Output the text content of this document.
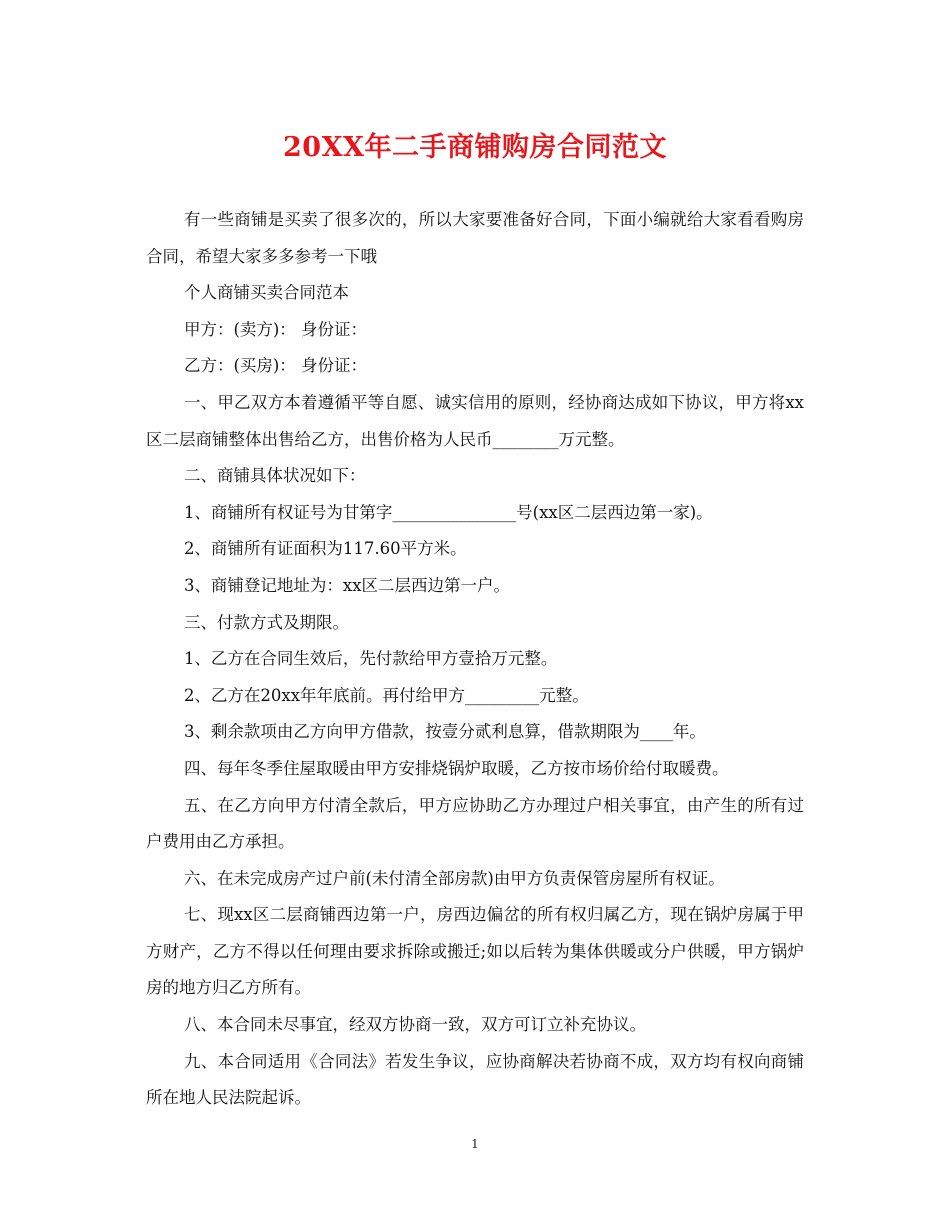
20XX年二手商铺购房合同范文

有一些商铺是买卖了很多次的，所以大家要准备好合同，下面小编就给大家看看购房合同，希望大家多多参考一下哦

个人商铺买卖合同范本

甲方：(卖方)： 身份证：

乙方：(买房)： 身份证：

一、甲乙双方本着遵循平等自愿、诚实信用的原则，经协商达成如下协议，甲方将xx区二层商铺整体出售给乙方，出售价格为人民币________万元整。

二、商铺具体状况如下：

1、商铺所有权证号为甘第字_______________号(xx区二层西边第一家)。

2、商铺所有证面积为117.60平方米。

3、商铺登记地址为：xx区二层西边第一户。

三、付款方式及期限。

1、乙方在合同生效后，先付款给甲方壹拾万元整。

2、乙方在20xx年年底前。再付给甲方_________元整。

3、剩余款项由乙方向甲方借款，按壹分贰利息算，借款期限为____年。

四、每年冬季住屋取暖由甲方安排烧锅炉取暖，乙方按市场价给付取暖费。

五、在乙方向甲方付清全款后，甲方应协助乙方办理过户相关事宜，由产生的所有过户费用由乙方承担。

六、在未完成房产过户前(未付清全部房款)由甲方负责保管房屋所有权证。

七、现xx区二层商铺西边第一户，房西边偏岔的所有权归属乙方，现在锅炉房属于甲方财产，乙方不得以任何理由要求拆除或搬迁;如以后转为集体供暖或分户供暖，甲方锅炉房的地方归乙方所有。

八、本合同未尽事宜，经双方协商一致，双方可订立补充协议。

九、本合同适用《合同法》若发生争议，应协商解决若协商不成，双方均有权向商铺所在地人民法院起诉。

1
